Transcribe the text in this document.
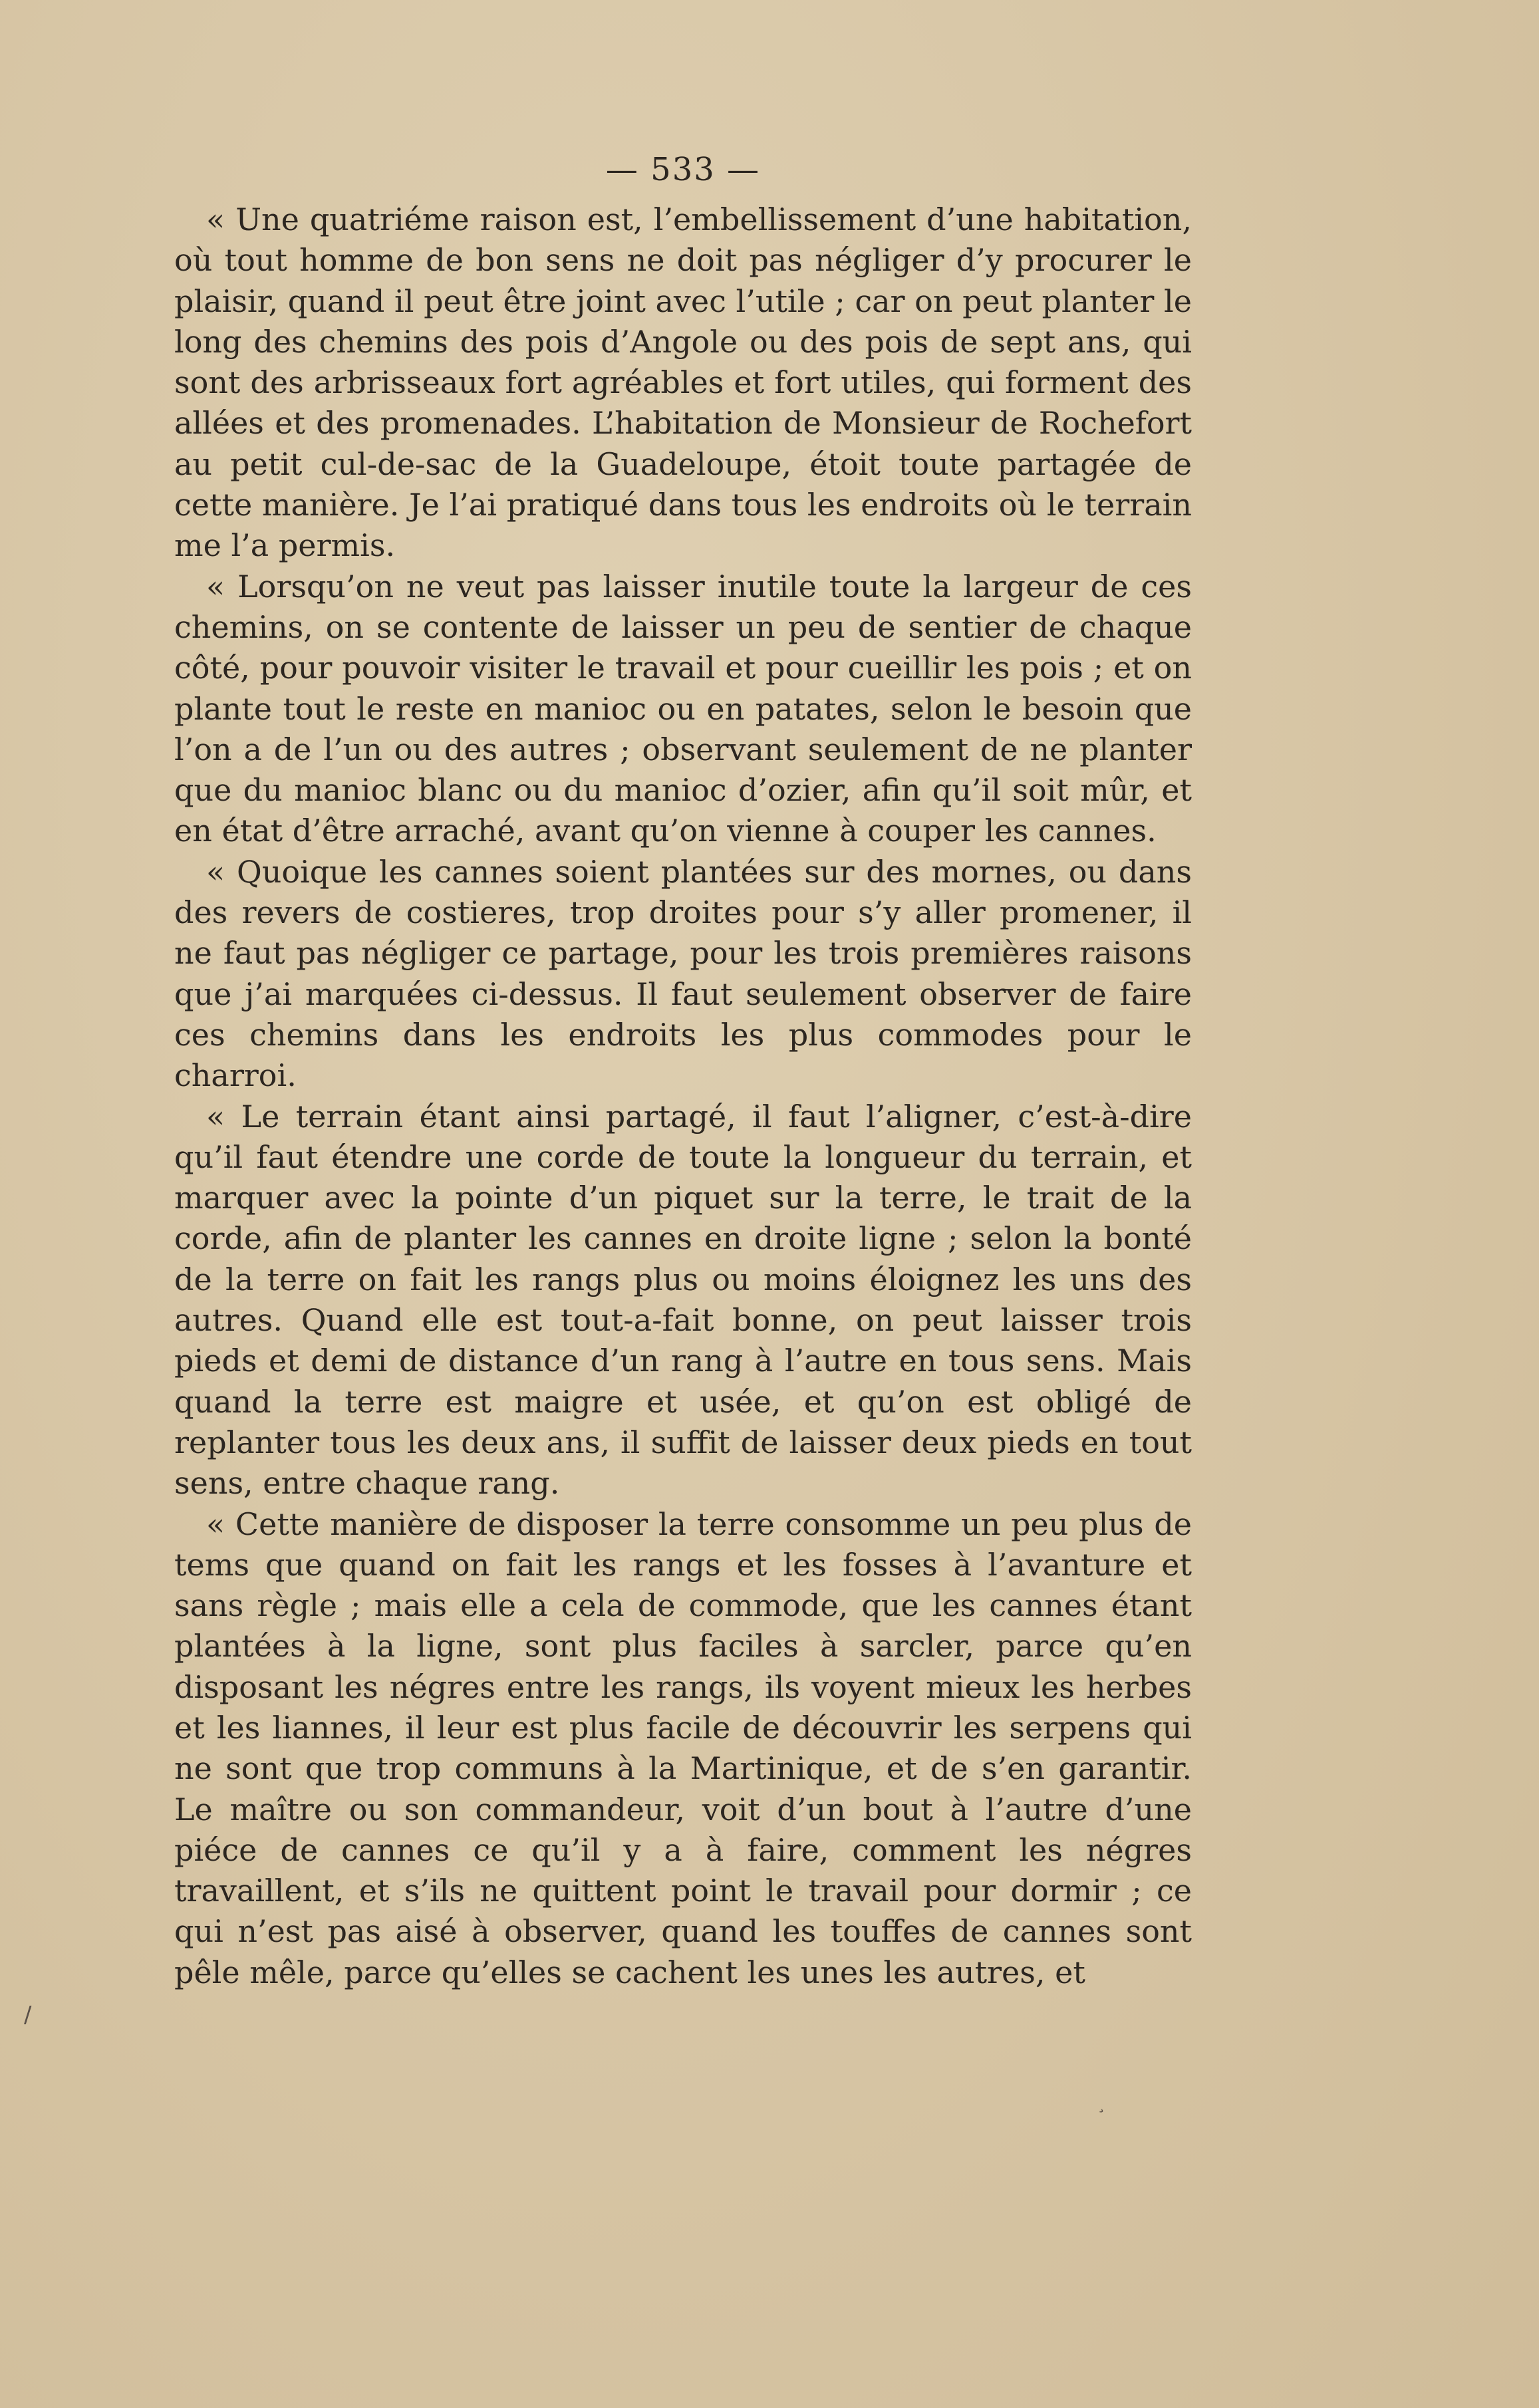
— 533 —

« Une quatriéme raison est, l’embellissement d’une habitation, où tout homme de bon sens ne doit pas négliger d’y procurer le plaisir, quand il peut être joint avec l’utile ; car on peut planter le long des chemins des pois d’Angole ou des pois de sept ans, qui sont des arbrisseaux fort agréables et fort utiles, qui forment des allées et des promenades. L’habitation de Monsieur de Rochefort au petit cul-de-sac de la Guadeloupe, étoit toute partagée de cette manière. Je l’ai pratiqué dans tous les endroits où le terrain me l’a permis.

« Lorsqu’on ne veut pas laisser inutile toute la largeur de ces chemins, on se contente de laisser un peu de sentier de chaque côté, pour pouvoir visiter le travail et pour cueillir les pois ; et on plante tout le reste en manioc ou en patates, selon le besoin que l’on a de l’un ou des autres ; observant seulement de ne planter que du manioc blanc ou du manioc d’ozier, afin qu’il soit mûr, et en état d’être arraché, avant qu’on vienne à couper les cannes.

« Quoique les cannes soient plantées sur des mornes, ou dans des revers de costieres, trop droites pour s’y aller promener, il ne faut pas négliger ce partage, pour les trois premières raisons que j’ai marquées ci-dessus. Il faut seulement observer de faire ces chemins dans les endroits les plus commodes pour le charroi.

« Le terrain étant ainsi partagé, il faut l’aligner, c’est-à-dire qu’il faut étendre une corde de toute la longueur du terrain, et marquer avec la pointe d’un piquet sur la terre, le trait de la corde, afin de planter les cannes en droite ligne ; selon la bonté de la terre on fait les rangs plus ou moins éloignez les uns des autres. Quand elle est tout-a-fait bonne, on peut laisser trois pieds et demi de distance d’un rang à l’autre en tous sens. Mais quand la terre est maigre et usée, et qu’on est obligé de replanter tous les deux ans, il suffit de laisser deux pieds en tout sens, entre chaque rang.

« Cette manière de disposer la terre consomme un peu plus de tems que quand on fait les rangs et les fosses à l’avanture et sans règle ; mais elle a cela de commode, que les cannes étant plantées à la ligne, sont plus faciles à sarcler, parce qu’en disposant les négres entre les rangs, ils voyent mieux les herbes et les liannes, il leur est plus facile de découvrir les serpens qui ne sont que trop communs à la Martinique, et de s’en garantir. Le maître ou son commandeur, voit d’un bout à l’autre d’une piéce de cannes ce qu’il y a à faire, comment les négres travaillent, et s’ils ne quittent point le travail pour dormir ; ce qui n’est pas aisé à observer, quand les touffes de cannes sont pêle mêle, parce qu’elles se cachent les unes les autres, et

/
¸
